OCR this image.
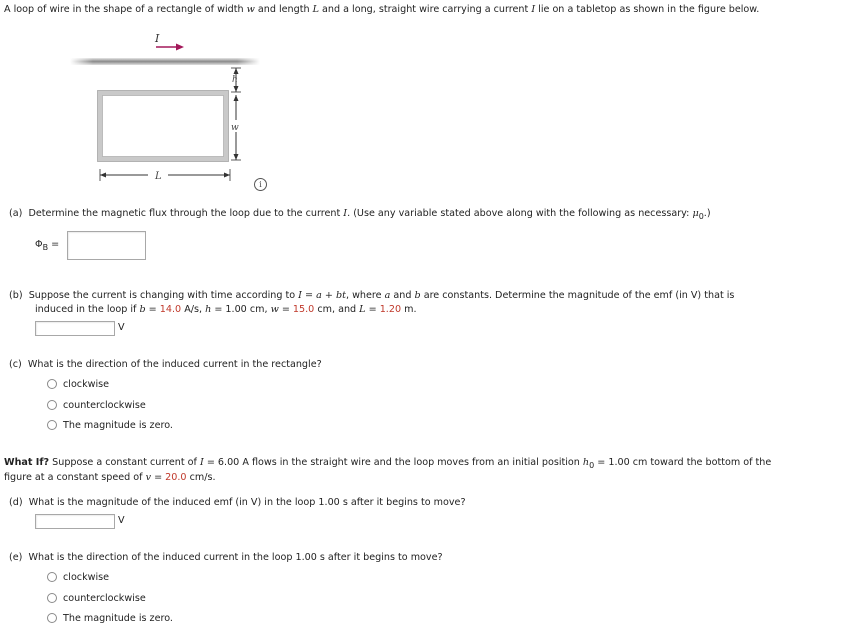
A loop of wire in the shape of a rectangle of width w and length L and a long, straight wire carrying a current I lie on a tabletop as shown in the figure below.
I
h
w
L
i
(a) Determine the magnetic flux through the loop due to the current I. (Use any variable stated above along with the following as necessary: $\mu_0$.)
$\Phi_B$ =
(b) Suppose the current is changing with time according to I = a + bt, where a and b are constants. Determine the magnitude of the emf (in V) that is
induced in the loop if b = 14.0 A/s, h = 1.00 cm, w = 15.0 cm, and L = 1.20 m.
V
(c) What is the direction of the induced current in the rectangle?
clockwise
counterclockwise
The magnitude is zero.
What If? Suppose a constant current of I = 6.00 A flows in the straight wire and the loop moves from an initial position $h_0 = 1.00$ cm toward the bottom of the
figure at a constant speed of v = 20.0 cm/s.
(d) What is the magnitude of the induced emf (in V) in the loop 1.00 s after it begins to move?
V
(e) What is the direction of the induced current in the loop 1.00 s after it begins to move?
clockwise
counterclockwise
The magnitude is zero.
